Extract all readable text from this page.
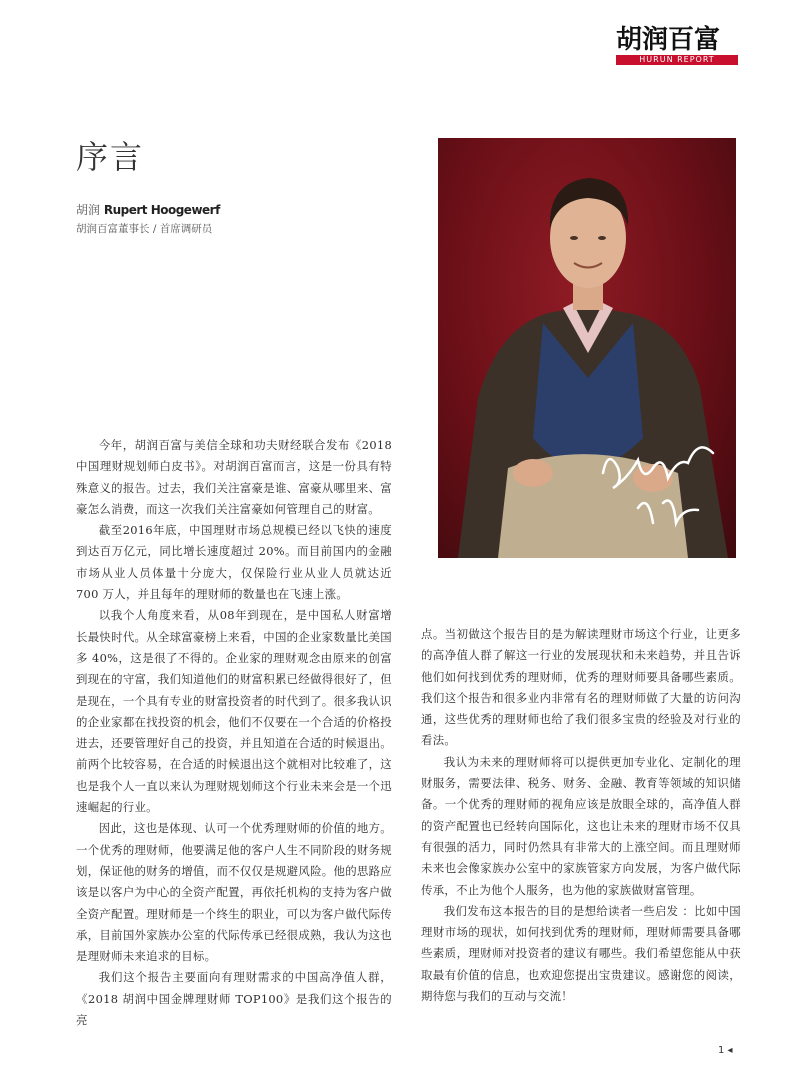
胡润百富
HURUN REPORT
序言
胡润 Rupert Hoogewerf
胡润百富董事长 / 首席调研员

今年，胡润百富与美信全球和功夫财经联合发布《2018 中国理财规划师白皮书》。对胡润百富而言，这是一份具有特殊意义的报告。过去，我们关注富豪是谁、富豪从哪里来、富豪怎么消费，而这一次我们关注富豪如何管理自己的财富。

截至2016年底，中国理财市场总规模已经以飞快的速度到达百万亿元，同比增长速度超过 20%。而目前国内的金融市场从业人员体量十分庞大，仅保险行业从业人员就达近 700 万人，并且每年的理财师的数量也在飞速上涨。

以我个人角度来看，从08年到现在，是中国私人财富增长最快时代。从全球富豪榜上来看，中国的企业家数量比美国多 40%，这是很了不得的。企业家的理财观念由原来的创富到现在的守富，我们知道他们的财富积累已经做得很好了，但是现在，一个具有专业的财富投资者的时代到了。很多我认识的企业家都在找投资的机会，他们不仅要在一个合适的价格投进去，还要管理好自己的投资，并且知道在合适的时候退出。前两个比较容易，在合适的时候退出这个就相对比较难了，这也是我个人一直以来认为理财规划师这个行业未来会是一个迅速崛起的行业。

因此，这也是体现、认可一个优秀理财师的价值的地方。一个优秀的理财师，他要满足他的客户人生不同阶段的财务规划，保证他的财务的增值，而不仅仅是规避风险。他的思路应该是以客户为中心的全资产配置，再依托机构的支持为客户做全资产配置。理财师是一个终生的职业，可以为客户做代际传承，目前国外家族办公室的代际传承已经很成熟，我认为这也是理财师未来追求的目标。

我们这个报告主要面向有理财需求的中国高净值人群，《2018 胡润中国金牌理财师 TOP100》是我们这个报告的亮

点。当初做这个报告目的是为解读理财市场这个行业，让更多 的高净值人群了解这一行业的发展现状和未来趋势，并且告诉 他们如何找到优秀的理财师，优秀的理财师要具备哪些素质。 我们这个报告和很多业内非常有名的理财师做了大量的访问沟 通，这些优秀的理财师也给了我们很多宝贵的经验及对行业的 看法。

我认为未来的理财师将可以提供更加专业化、定制化的理财服务，需要法律、税务、财务、金融、教育等领域的知识储备。一个优秀的理财师的视角应该是放眼全球的，高净值人群的资产配置也已经转向国际化，这也让未来的理财市场不仅具有很强的活力，同时仍然具有非常大的上涨空间。而且理财师未来也会像家族办公室中的家族管家方向发展，为客户做代际传承，不止为他个人服务，也为他的家族做财富管理。

我们发布这本报告的目的是想给读者一些启发 ：比如中国理财市场的现状，如何找到优秀的理财师，理财师需要具备哪些素质，理财师对投资者的建议有哪些。我们希望您能从中获取最有价值的信息，也欢迎您提出宝贵建议。感谢您的阅读，期待您与我们的互动与交流！

1 ◂
